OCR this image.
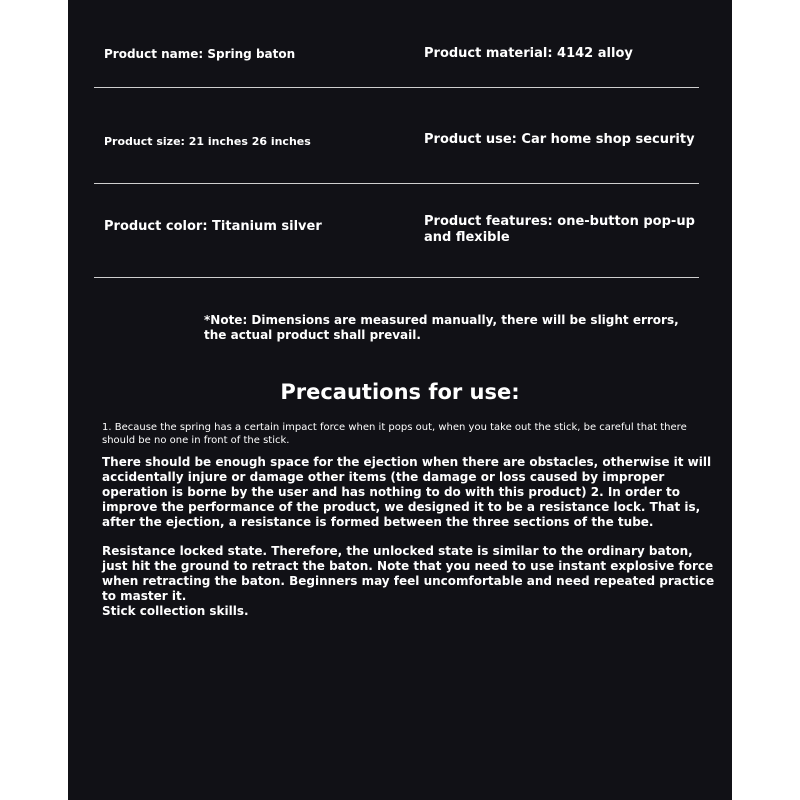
Product name: Spring baton	Product material: 4142 alloy
Product size: 21 inches 26 inches	Product use: Car home shop security
Product color: Titanium silver	Product features: one-button pop-up and flexible
*Note: Dimensions are measured manually, there will be slight errors, the actual product shall prevail.
Precautions for use:
1. Because the spring has a certain impact force when it pops out, when you take out the stick, be careful that there should be no one in front of the stick.
There should be enough space for the ejection when there are obstacles, otherwise it will accidentally injure or damage other items (the damage or loss caused by improper operation is borne by the user and has nothing to do with this product) 2. In order to improve the performance of the product, we designed it to be a resistance lock. That is, after the ejection, a resistance is formed between the three sections of the tube.
Resistance locked state. Therefore, the unlocked state is similar to the ordinary baton, just hit the ground to retract the baton. Note that you need to use instant explosive force when retracting the baton. Beginners may feel uncomfortable and need repeated practice to master it.
Stick collection skills.
